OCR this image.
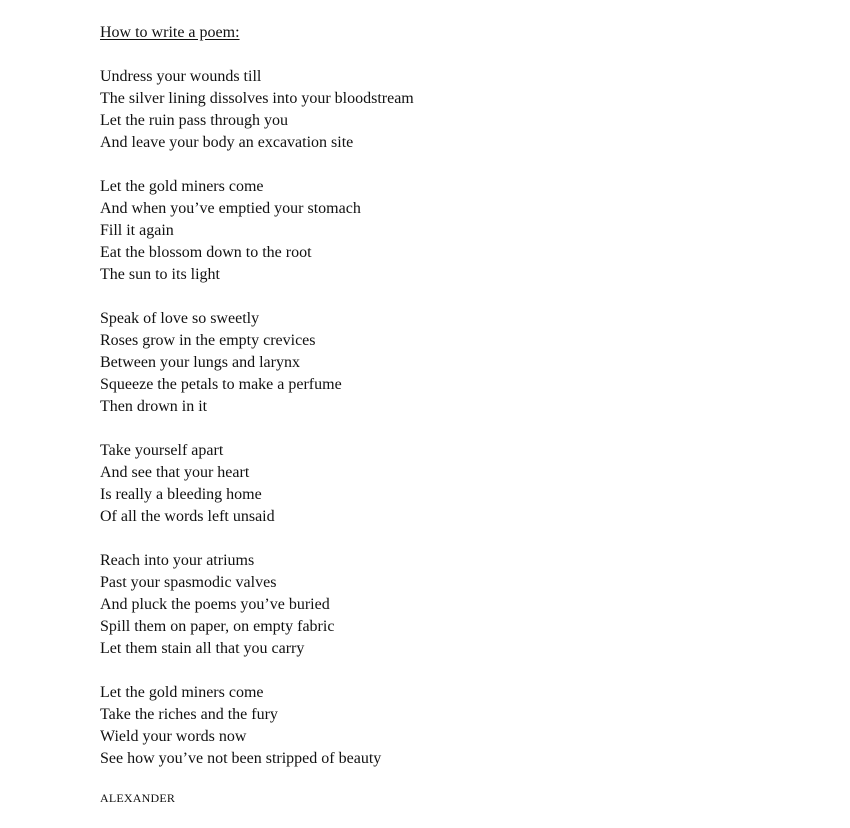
How to write a poem:
Undress your wounds till
The silver lining dissolves into your bloodstream
Let the ruin pass through you
And leave your body an excavation site
Let the gold miners come
And when you’ve emptied your stomach
Fill it again
Eat the blossom down to the root
The sun to its light
Speak of love so sweetly
Roses grow in the empty crevices
Between your lungs and larynx
Squeeze the petals to make a perfume
Then drown in it
Take yourself apart
And see that your heart
Is really a bleeding home
Of all the words left unsaid
Reach into your atriums
Past your spasmodic valves
And pluck the poems you’ve buried
Spill them on paper, on empty fabric
Let them stain all that you carry
Let the gold miners come
Take the riches and the fury
Wield your words now
See how you’ve not been stripped of beauty
ALEXANDER
